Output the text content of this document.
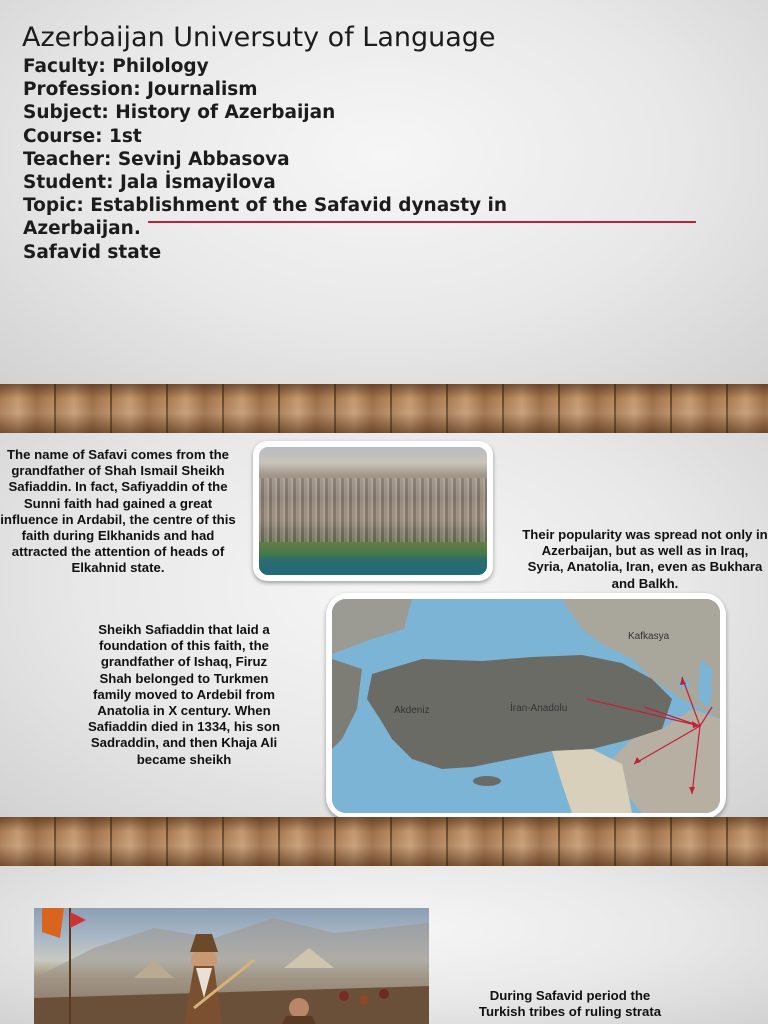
Azerbaijan Universuty of Language
Faculty: Philology
Profession: Journalism
Subject: History of Azerbaijan
Course: 1st
Teacher: Sevinj Abbasova
Student: Jala İsmayilova
Topic: Establishment of the Safavid dynasty in
Azerbaijan.
Safavid state
The name of Safavi comes from the grandfather of Shah Ismail Sheikh Safiaddin. In fact, Safiyaddin of the Sunni faith had gained a great influence in Ardabil, the centre of this faith during Elkhanids and had attracted the attention of heads of Elkahnid state.
Their popularity was spread not only in Azerbaijan, but as well as in Iraq, Syria, Anatolia, Iran, even as Bukhara and Balkh.
Sheikh Safiaddin that laid a foundation of this faith, the grandfather of Ishaq, Firuz Shah belonged to Turkmen family moved to Ardebil from Anatolia in X century. When Safiaddin died in 1334, his son Sadraddin, and then Khaja Ali became sheikh
Kafkasya
Akdeniz	İran-Anadolu
During Safavid period the Turkish tribes of ruling strata
